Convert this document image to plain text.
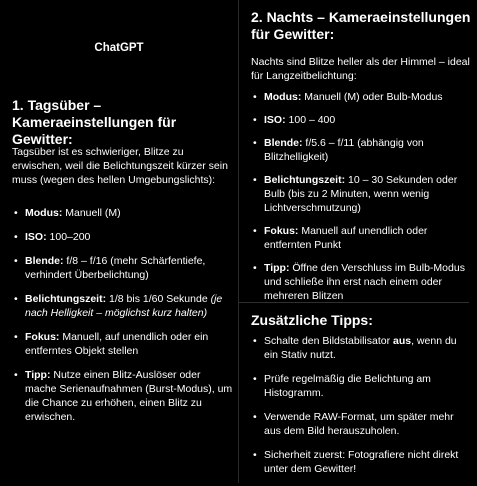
ChatGPT
1. Tagsüber – Kameraeinstellungen für Gewitter:

Tagsüber ist es schwieriger, Blitze zu erwischen, weil die Belichtungszeit kürzer sein muss (wegen des hellen Umgebungslichts):

• Modus: Manuell (M)
• ISO: 100–200
• Blende: f/8 – f/16 (mehr Schärfentiefe, verhindert Überbelichtung)
• Belichtungszeit: 1/8 bis 1/60 Sekunde (je nach Helligkeit – möglichst kurz halten)
• Fokus: Manuell, auf unendlich oder ein entferntes Objekt stellen
• Tipp: Nutze einen Blitz-Auslöser oder mache Serienaufnahmen (Burst-Modus), um die Chance zu erhöhen, einen Blitz zu erwischen.
2. Nachts – Kameraeinstellungen für Gewitter:

Nachts sind Blitze heller als der Himmel – ideal für Langzeitbelichtung:

• Modus: Manuell (M) oder Bulb-Modus
• ISO: 100 – 400
• Blende: f/5.6 – f/11 (abhängig von Blitzhelligkeit)
• Belichtungszeit: 10 – 30 Sekunden oder Bulb (bis zu 2 Minuten, wenn wenig Lichtverschmutzung)
• Fokus: Manuell auf unendlich oder entfernten Punkt
• Tipp: Öffne den Verschluss im Bulb-Modus und schließe ihn erst nach einem oder mehreren Blitzen
Zusätzliche Tipps:
• Schalte den Bildstabilisator aus, wenn du ein Stativ nutzt.
• Prüfe regelmäßig die Belichtung am Histogramm.
• Verwende RAW-Format, um später mehr aus dem Bild herauszuholen.
• Sicherheit zuerst: Fotografiere nicht direkt unter dem Gewitter!
